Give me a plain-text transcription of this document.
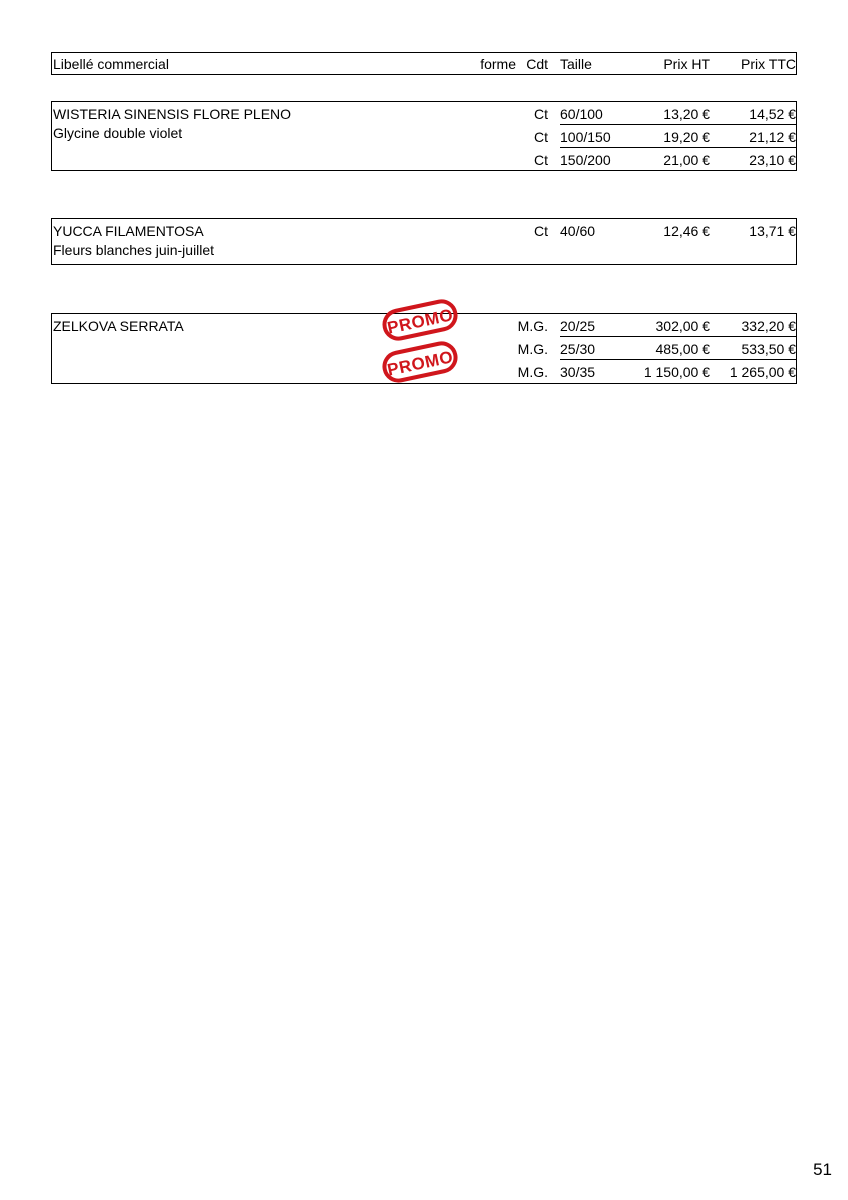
Libellé commercial	forme Cdt Taille	Prix HT Prix TTC
WISTERIA SINENSIS FLORE PLENO
Glycine double violet
Ct 60/100	13,20 €	14,52 €
Ct 100/150	19,20 €	21,12 €
Ct 150/200	21,00 €	23,10 €
YUCCA FILAMENTOSA
Fleurs blanches juin-juillet
Ct 40/60	12,46 €	13,71 €
ZELKOVA SERRATA	M.G. 20/25	302,00 € 332,20 €
M.G. 25/30	485,00 € 533,50 €
M.G. 30/35	1 150,00 € 1 265,00 €
PROMO
PROMO
51
